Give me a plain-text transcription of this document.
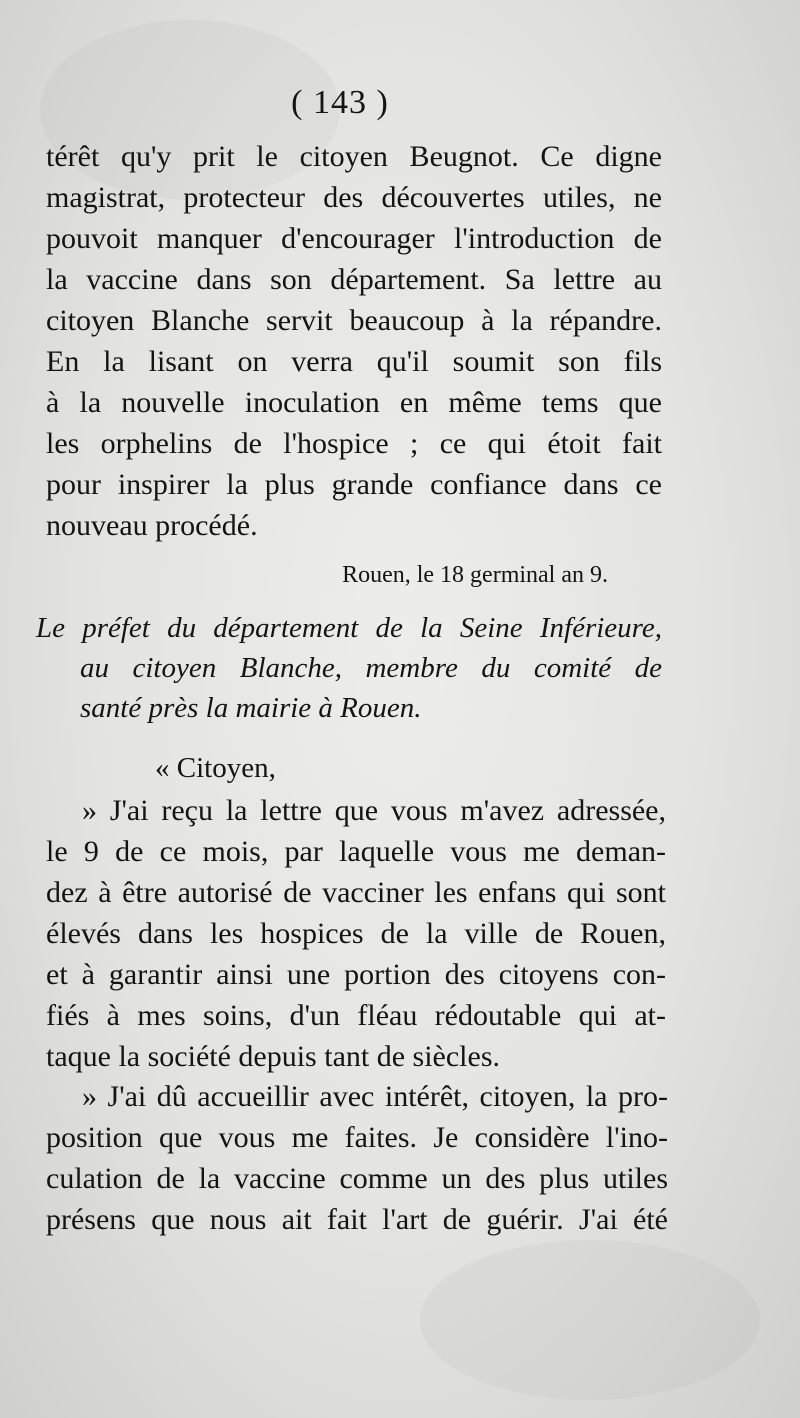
( 143 )
térêt qu'y prit le citoyen Beugnot. Ce digne
magistrat, protecteur des découvertes utiles, ne
pouvoit manquer d'encourager l'introduction de
la vaccine dans son département. Sa lettre au
citoyen Blanche servit beaucoup à la répandre.
En la lisant on verra qu'il soumit son fils
à la nouvelle inoculation en même tems que
les orphelins de l'hospice ; ce qui étoit fait
pour inspirer la plus grande confiance dans ce
nouveau procédé.
Rouen, le 18 germinal an 9.
Le préfet du département de la Seine Inférieure,
au citoyen Blanche, membre du comité de
santé près la mairie à Rouen.
« Citoyen,
» J'ai reçu la lettre que vous m'avez adressée,
le 9 de ce mois, par laquelle vous me deman-
dez à être autorisé de vacciner les enfans qui sont
élevés dans les hospices de la ville de Rouen,
et à garantir ainsi une portion des citoyens con-
fiés à mes soins, d'un fléau rédoutable qui at-
taque la société depuis tant de siècles.
» J'ai dû accueillir avec intérêt, citoyen, la pro-
position que vous me faites. Je considère l'ino-
culation de la vaccine comme un des plus utiles
présens que nous ait fait l'art de guérir. J'ai été
